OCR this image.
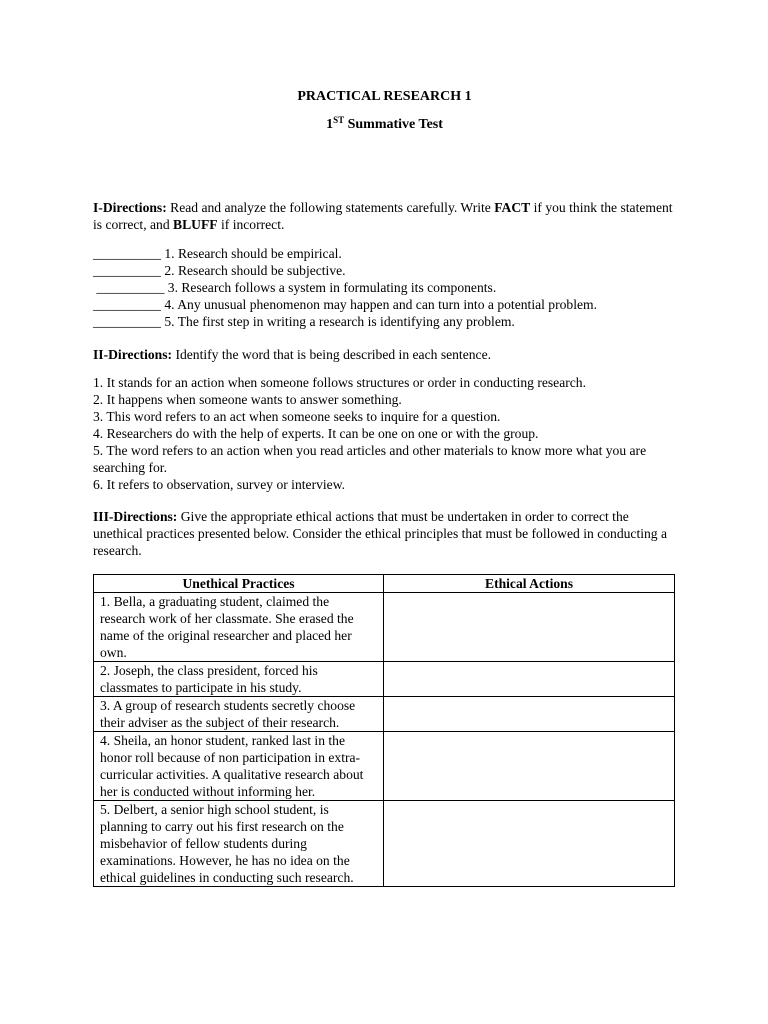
PRACTICAL RESEARCH 1
1ST Summative Test

I-Directions: Read and analyze the following statements carefully. Write FACT if you think the statement is correct, and BLUFF if incorrect.

__________ 1. Research should be empirical.
__________ 2. Research should be subjective.
__________ 3. Research follows a system in formulating its components.
__________ 4. Any unusual phenomenon may happen and can turn into a potential problem.
__________ 5. The first step in writing a research is identifying any problem.

II-Directions: Identify the word that is being described in each sentence.

1. It stands for an action when someone follows structures or order in conducting research.
2. It happens when someone wants to answer something.
3. This word refers to an act when someone seeks to inquire for a question.
4. Researchers do with the help of experts. It can be one on one or with the group.
5. The word refers to an action when you read articles and other materials to know more what you are searching for.
6. It refers to observation, survey or interview.

III-Directions: Give the appropriate ethical actions that must be undertaken in order to correct the unethical practices presented below. Consider the ethical principles that must be followed in conducting a research.

Unethical Practices	Ethical Actions
1. Bella, a graduating student, claimed the research work of her classmate. She erased the name of the original researcher and placed her own.	
2. Joseph, the class president, forced his classmates to participate in his study.	
3. A group of research students secretly choose their adviser as the subject of their research.	
4. Sheila, an honor student, ranked last in the honor roll because of non participation in extra-curricular activities. A qualitative research about her is conducted without informing her.	
5. Delbert, a senior high school student, is planning to carry out his first research on the misbehavior of fellow students during examinations. However, he has no idea on the ethical guidelines in conducting such research.	
